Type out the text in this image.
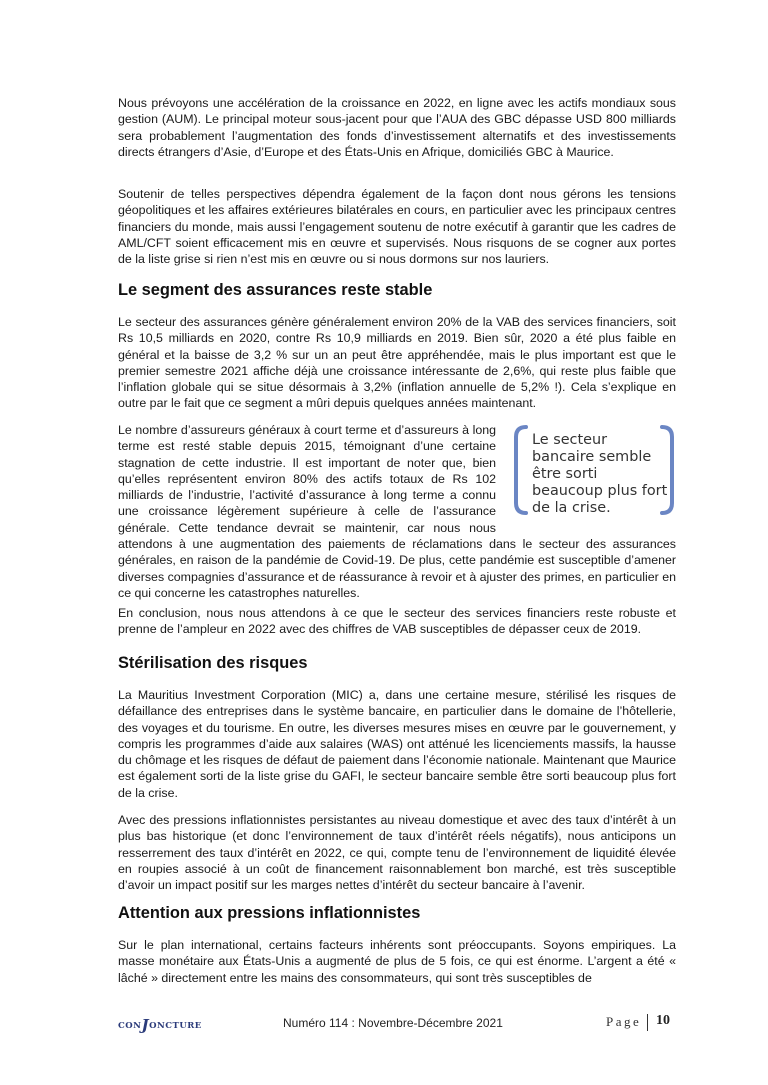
Nous prévoyons une accélération de la croissance en 2022, en ligne avec les actifs mondiaux sous gestion (AUM). Le principal moteur sous-jacent pour que l’AUA des GBC dépasse USD 800 milliards sera probablement l’augmentation des fonds d’investissement alternatifs et des investissements directs étrangers d’Asie, d’Europe et des États-Unis en Afrique, domiciliés GBC à Maurice.

Soutenir de telles perspectives dépendra également de la façon dont nous gérons les tensions géopolitiques et les affaires extérieures bilatérales en cours, en particulier avec les principaux centres financiers du monde, mais aussi l’engagement soutenu de notre exécutif à garantir que les cadres de AML/CFT soient efficacement mis en œuvre et supervisés. Nous risquons de se cogner aux portes de la liste grise si rien n’est mis en œuvre ou si nous dormons sur nos lauriers.

Le segment des assurances reste stable

Le secteur des assurances génère généralement environ 20% de la VAB des services financiers, soit Rs 10,5 milliards en 2020, contre Rs 10,9 milliards en 2019. Bien sûr, 2020 a été plus faible en général et la baisse de 3,2 % sur un an peut être appréhendée, mais le plus important est que le premier semestre 2021 affiche déjà une croissance intéressante de 2,6%, qui reste plus faible que l’inflation globale qui se situe désormais à 3,2% (inflation annuelle de 5,2% !). Cela s’explique en outre par le fait que ce segment a mûri depuis quelques années maintenant.

Le secteur bancaire semble être sorti beaucoup plus fort de la crise.

Le nombre d’assureurs généraux à court terme et d’assureurs à long terme est resté stable depuis 2015, témoignant d’une certaine stagnation de cette industrie. Il est important de noter que, bien qu’elles représentent environ 80% des actifs totaux de Rs 102 milliards de l’industrie, l’activité d’assurance à long terme a connu une croissance légèrement supérieure à celle de l’assurance générale. Cette tendance devrait se maintenir, car nous nous attendons à une augmentation des paiements de réclamations dans le secteur des assurances générales, en raison de la pandémie de Covid-19. De plus, cette pandémie est susceptible d’amener diverses compagnies d’assurance et de réassurance à revoir et à ajuster des primes, en particulier en ce qui concerne les catastrophes naturelles.

En conclusion, nous nous attendons à ce que le secteur des services financiers reste robuste et prenne de l’ampleur en 2022 avec des chiffres de VAB susceptibles de dépasser ceux de 2019.

Stérilisation des risques

La Mauritius Investment Corporation (MIC) a, dans une certaine mesure, stérilisé les risques de défaillance des entreprises dans le système bancaire, en particulier dans le domaine de l’hôtellerie, des voyages et du tourisme. En outre, les diverses mesures mises en œuvre par le gouvernement, y compris les programmes d’aide aux salaires (WAS) ont atténué les licenciements massifs, la hausse du chômage et les risques de défaut de paiement dans l’économie nationale. Maintenant que Maurice est également sorti de la liste grise du GAFI, le secteur bancaire semble être sorti beaucoup plus fort de la crise.

Avec des pressions inflationnistes persistantes au niveau domestique et avec des taux d’intérêt à un plus bas historique (et donc l’environnement de taux d’intérêt réels négatifs), nous anticipons un resserrement des taux d’intérêt en 2022, ce qui, compte tenu de l’environnement de liquidité élevée en roupies associé à un coût de financement raisonnablement bon marché, est très susceptible d’avoir un impact positif sur les marges nettes d’intérêt du secteur bancaire à l’avenir.

Attention aux pressions inflationnistes

Sur le plan international, certains facteurs inhérents sont préoccupants. Soyons empiriques. La masse monétaire aux États-Unis a augmenté de plus de 5 fois, ce qui est énorme. L’argent a été « lâché » directement entre les mains des consommateurs, qui sont très susceptibles de

CONJONCTURE	Numéro 114 : Novembre-Décembre 2021	Page 10
